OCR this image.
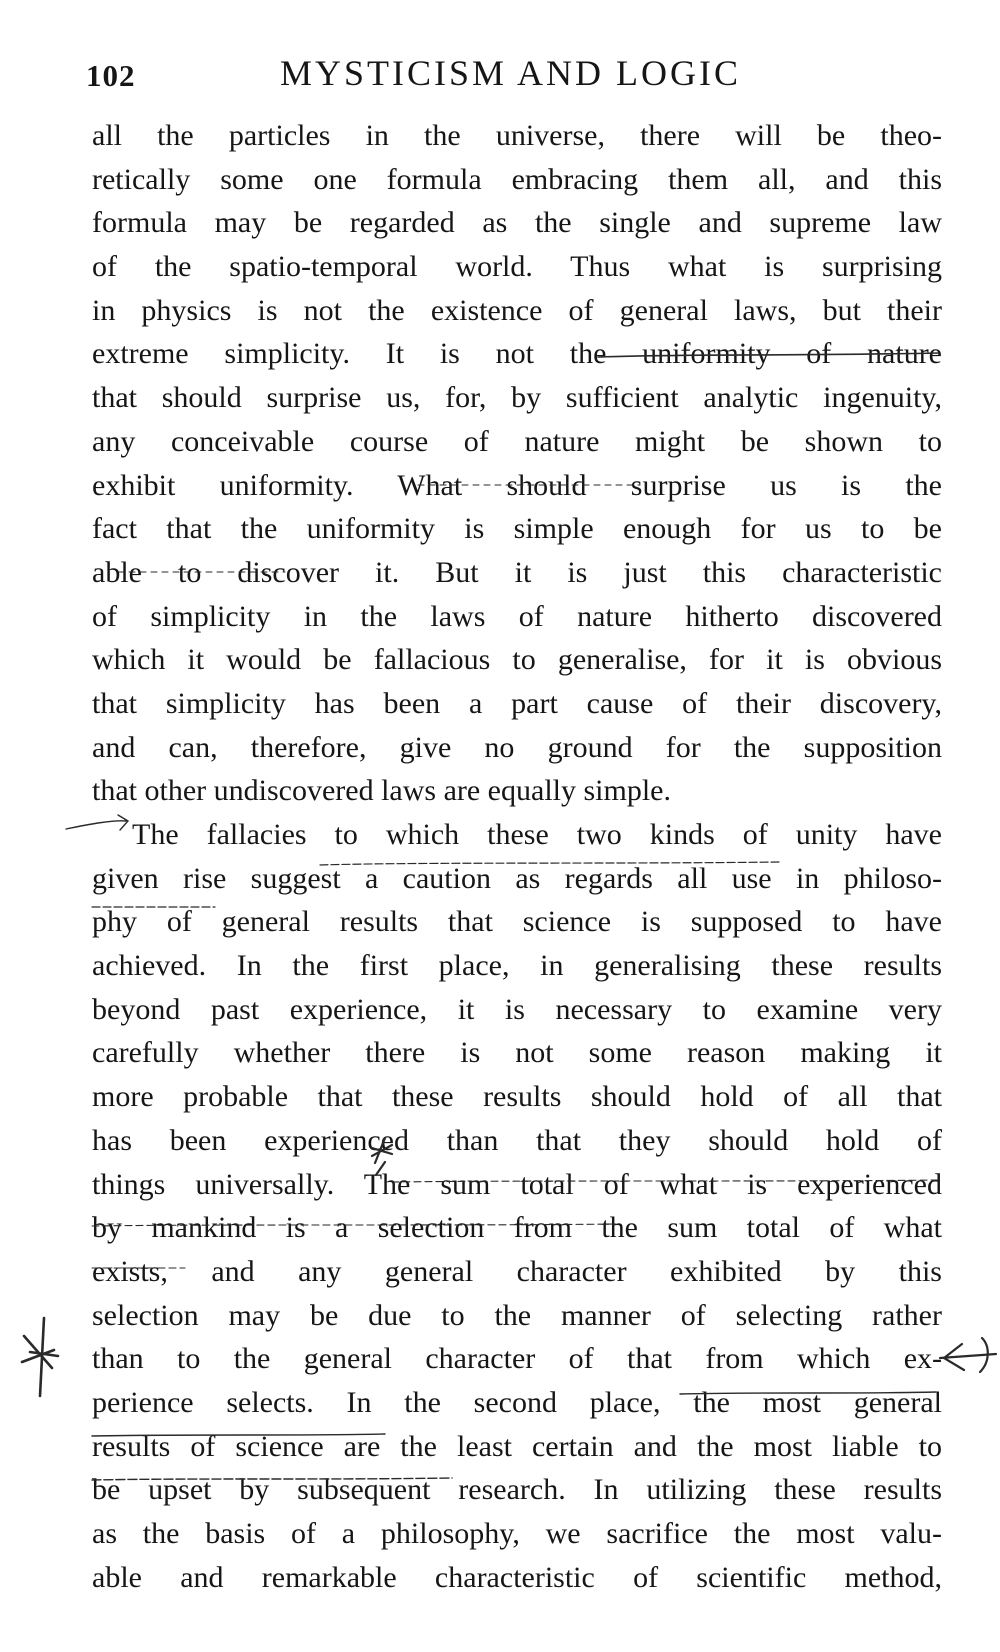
102	MYSTICISM AND LOGIC
all the particles in the universe, there will be theo-
retically some one formula embracing them all, and this
formula may be regarded as the single and supreme law
of the spatio-temporal world. Thus what is surprising
in physics is not the existence of general laws, but their
extreme simplicity. It is not the uniformity of nature
that should surprise us, for, by sufficient analytic ingenuity,
any conceivable course of nature might be shown to
exhibit uniformity. What should surprise us is the
fact that the uniformity is simple enough for us to be
able to discover it. But it is just this characteristic
of simplicity in the laws of nature hitherto discovered
which it would be fallacious to generalise, for it is obvious
that simplicity has been a part cause of their discovery,
and can, therefore, give no ground for the supposition
that other undiscovered laws are equally simple.
The fallacies to which these two kinds of unity have
given rise suggest a caution as regards all use in philoso-
phy of general results that science is supposed to have
achieved. In the first place, in generalising these results
beyond past experience, it is necessary to examine very
carefully whether there is not some reason making it
more probable that these results should hold of all that
has been experienced than that they should hold of
things universally. The sum total of what is experienced
by mankind is a selection from the sum total of what
exists, and any general character exhibited by this
selection may be due to the manner of selecting rather
than to the general character of that from which ex-
perience selects. In the second place, the most general
results of science are the least certain and the most liable to
be upset by subsequent research. In utilizing these results
as the basis of a philosophy, we sacrifice the most valu-
able and remarkable characteristic of scientific method,
